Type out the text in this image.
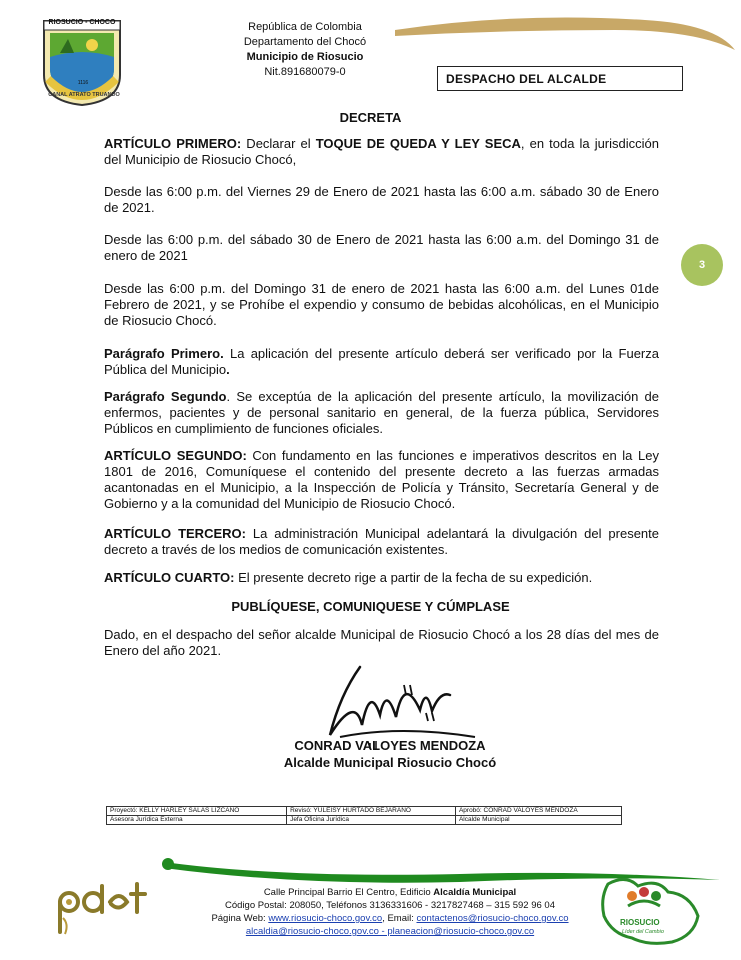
RIOSUCIO - CHOCO
1116
CANAL ATRATO TRUANDO
República de Colombia
Departamento del Chocó
Municipio de Riosucio
Nit.891680079-0	DESPACHO DEL ALCALDE
DECRETA
ARTÍCULO PRIMERO: Declarar el TOQUE DE QUEDA Y LEY SECA, en toda la jurisdicción del Municipio de Riosucio Chocó,
Desde las 6:00 p.m. del Viernes 29 de Enero de 2021 hasta las 6:00 a.m. sábado 30 de Enero de 2021.
Desde las 6:00 p.m. del sábado 30 de Enero de 2021 hasta las 6:00 a.m. del Domingo 31 de enero de 2021
Desde las 6:00 p.m. del Domingo 31 de enero de 2021 hasta las 6:00 a.m. del Lunes 01de Febrero de 2021, y se Prohíbe el expendio y consumo de bebidas alcohólicas, en el Municipio de Riosucio Chocó.
3
Parágrafo Primero. La aplicación del presente artículo deberá ser verificado por la Fuerza Pública del Municipio.
Parágrafo Segundo. Se exceptúa de la aplicación del presente artículo, la movilización de enfermos, pacientes y de personal sanitario en general, de la fuerza pública, Servidores Públicos en cumplimiento de funciones oficiales.
ARTÍCULO SEGUNDO: Con fundamento en las funciones e imperativos descritos en la Ley 1801 de 2016, Comuníquese el contenido del presente decreto a las fuerzas armadas acantonadas en el Municipio, a la Inspección de Policía y Tránsito, Secretaría General y de Gobierno y a la comunidad del Municipio de Riosucio Chocó.
ARTÍCULO TERCERO: La administración Municipal adelantará la divulgación del presente decreto a través de los medios de comunicación existentes.
ARTÍCULO CUARTO: El presente decreto rige a partir de la fecha de su expedición.
PUBLÍQUESE, COMUNIQUESE Y CÚMPLASE
Dado, en el despacho del señor alcalde Municipal de Riosucio Chocó a los 28 días del mes de Enero del año 2021.
CONRAD VALOYES MENDOZA
Alcalde Municipal Riosucio Chocó
Proyectó: KELLY HARLEY SALAS LIZCANO	Revisó: YULEISY HURTADO BEJARANO	Aprobó: CONRAD VALOYES MENDOZA
Asesora Jurídica Externa	Jefa Oficina Jurídica	Alcalde Municipal
Calle Principal Barrio El Centro, Edificio Alcaldía Municipal
Código Postal: 208050, Teléfonos 3136331606 - 3217827468 – 315 592 96 04
Página Web: www.riosucio-choco.gov.co, Email: contactenos@riosucio-choco.gov.co
alcaldia@riosucio-choco.gov.co - planeacion@riosucio-choco.gov.co
RIOSUCIO
Líder del Cambio
